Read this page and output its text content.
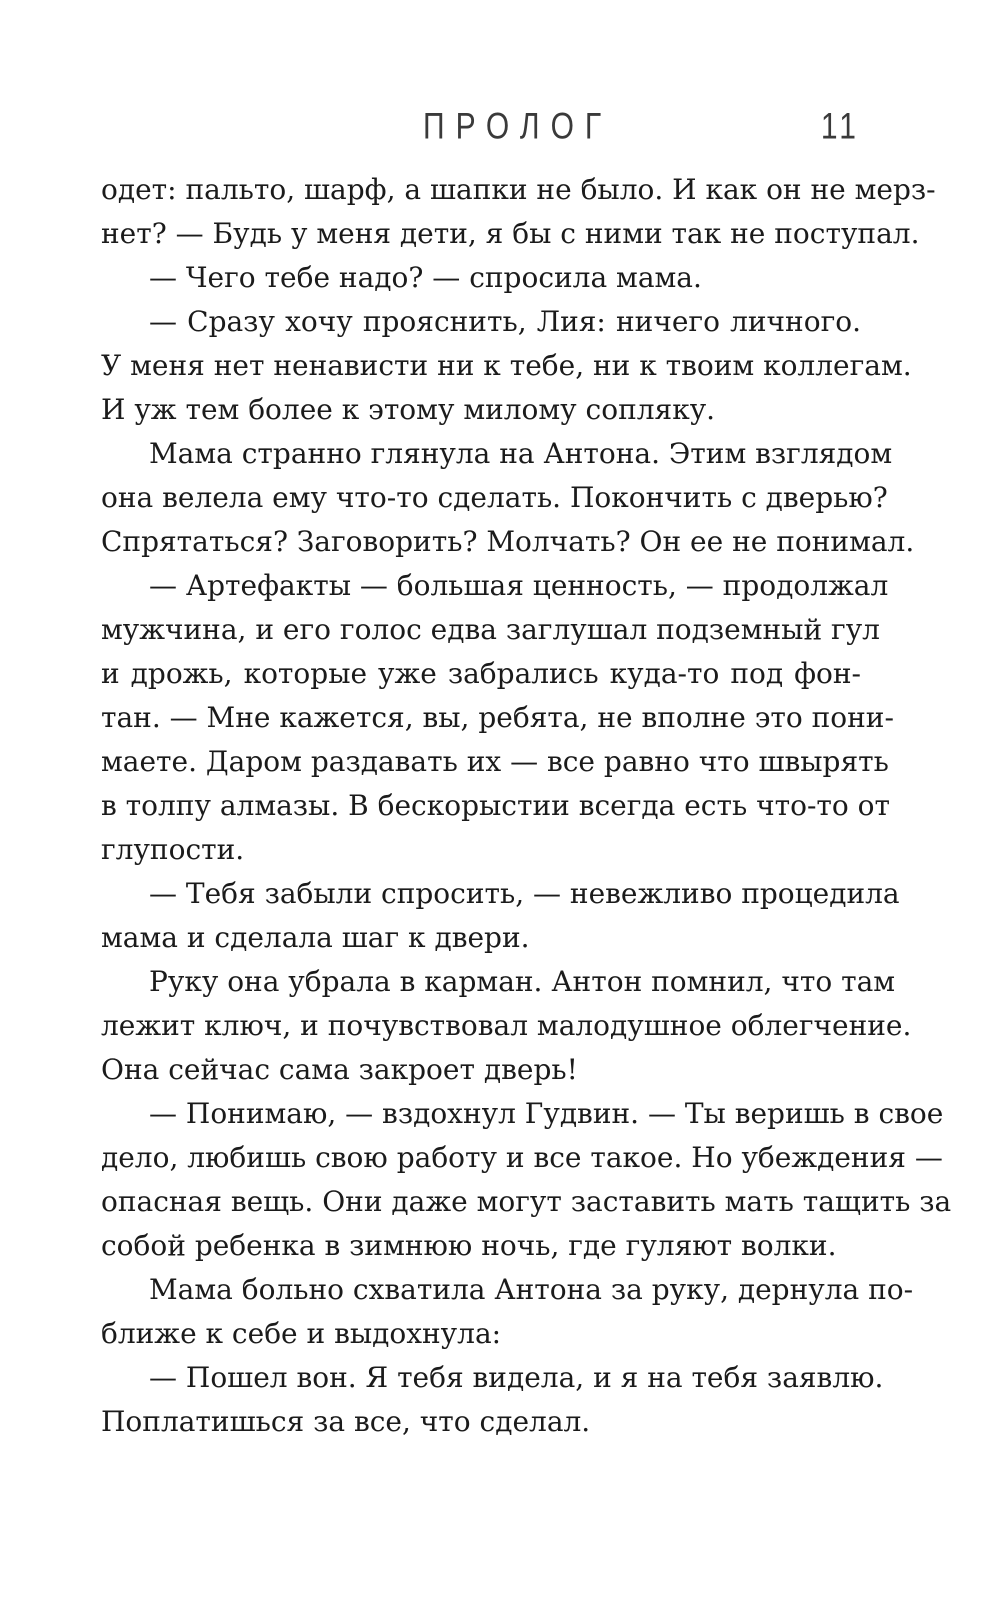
ПРОЛОГ	11
одет: пальто, шарф, а шапки не было. И как он не мерз-
нет? — Будь у меня дети, я бы с ними так не поступал.
— Чего тебе надо? — спросила мама.
— Сразу хочу прояснить, Лия: ничего личного.
У меня нет ненависти ни к тебе, ни к твоим коллегам.
И уж тем более к этому милому сопляку.
Мама странно глянула на Антона. Этим взглядом
она велела ему что-то сделать. Покончить с дверью?
Спрятаться? Заговорить? Молчать? Он ее не понимал.
— Артефакты — большая ценность, — продолжал
мужчина, и его голос едва заглушал подземный гул
и дрожь, которые уже забрались куда-то под фон-
тан. — Мне кажется, вы, ребята, не вполне это пони-
маете. Даром раздавать их — все равно что швырять
в толпу алмазы. В бескорыстии всегда есть что-то от
глупости.
— Тебя забыли спросить, — невежливо процедила
мама и сделала шаг к двери.
Руку она убрала в карман. Антон помнил, что там
лежит ключ, и почувствовал малодушное облегчение.
Она сейчас сама закроет дверь!
— Понимаю, — вздохнул Гудвин. — Ты веришь в свое
дело, любишь свою работу и все такое. Но убеждения —
опасная вещь. Они даже могут заставить мать тащить за
собой ребенка в зимнюю ночь, где гуляют волки.
Мама больно схватила Антона за руку, дернула по-
ближе к себе и выдохнула:
— Пошел вон. Я тебя видела, и я на тебя заявлю.
Поплатишься за все, что сделал.
